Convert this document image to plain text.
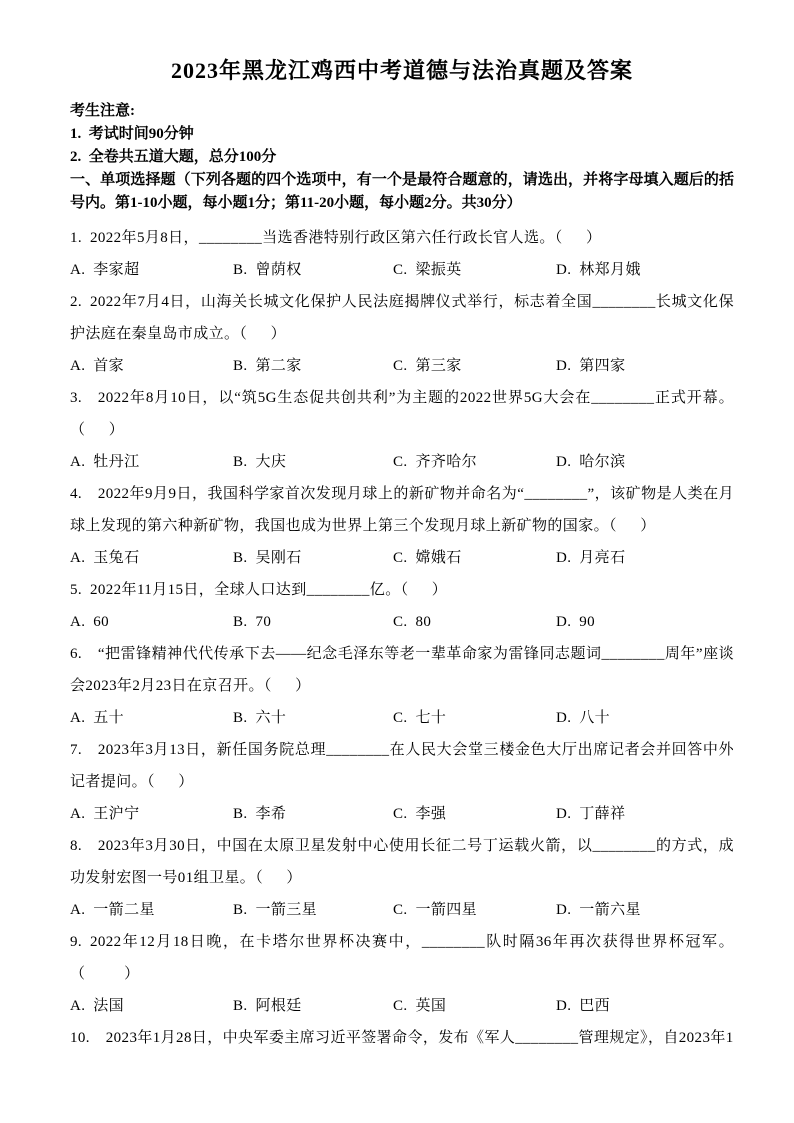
2023年黑龙江鸡西中考道德与法治真题及答案

考生注意:

1. 考试时间90分钟

2. 全卷共五道大题，总分100分

一、单项选择题（下列各题的四个选项中，有一个是最符合题意的，请选出，并将字母填入题后的括号内。第1-10小题，每小题1分；第11-20小题，每小题2分。共30分）

1. 2022年5月8日，________当选香港特别行政区第六任行政长官人选。（　 ）

A. 李家超	B. 曾荫权	C. 梁振英	D. 林郑月娥

2. 2022年7月4日，山海关长城文化保护人民法庭揭牌仪式举行，标志着全国________长城文化保护法庭在秦皇岛市成立。（　 ）

A. 首家	B. 第二家	C. 第三家	D. 第四家

3.  2022年8月10日，以“筑5G生态促共创共利”为主题的2022世界5G大会在________正式开幕。（　 ）

A. 牡丹江	B. 大庆	C. 齐齐哈尔	D. 哈尔滨

4.  2022年9月9日，我国科学家首次发现月球上的新矿物并命名为“________”，该矿物是人类在月球上发现的第六种新矿物，我国也成为世界上第三个发现月球上新矿物的国家。（　 ）

A. 玉兔石	B. 吴刚石	C. 嫦娥石	D. 月亮石

5. 2022年11月15日，全球人口达到________亿。（　 ）

A. 60	B. 70	C. 80	D. 90

6.  “把雷锋精神代代传承下去——纪念毛泽东等老一辈革命家为雷锋同志题词________周年”座谈会2023年2月23日在京召开。（　 ）

A. 五十	B. 六十	C. 七十	D. 八十

7.  2023年3月13日，新任国务院总理________在人民大会堂三楼金色大厅出席记者会并回答中外记者提问。（　 ）

A. 王沪宁	B. 李希	C. 李强	D. 丁薛祥

8.  2023年3月30日，中国在太原卫星发射中心使用长征二号丁运载火箭，以________的方式，成功发射宏图一号01组卫星。（　 ）

A. 一箭二星	B. 一箭三星	C. 一箭四星	D. 一箭六星

9. 2022年12月18日晚，在卡塔尔世界杯决赛中，________队时隔36年再次获得世界杯冠军。（　　 ）

A. 法国	B. 阿根廷	C. 英国	D. 巴西

10.  2023年1月28日，中央军委主席习近平签署命令，发布《军人________管理规定》，自2023年1
